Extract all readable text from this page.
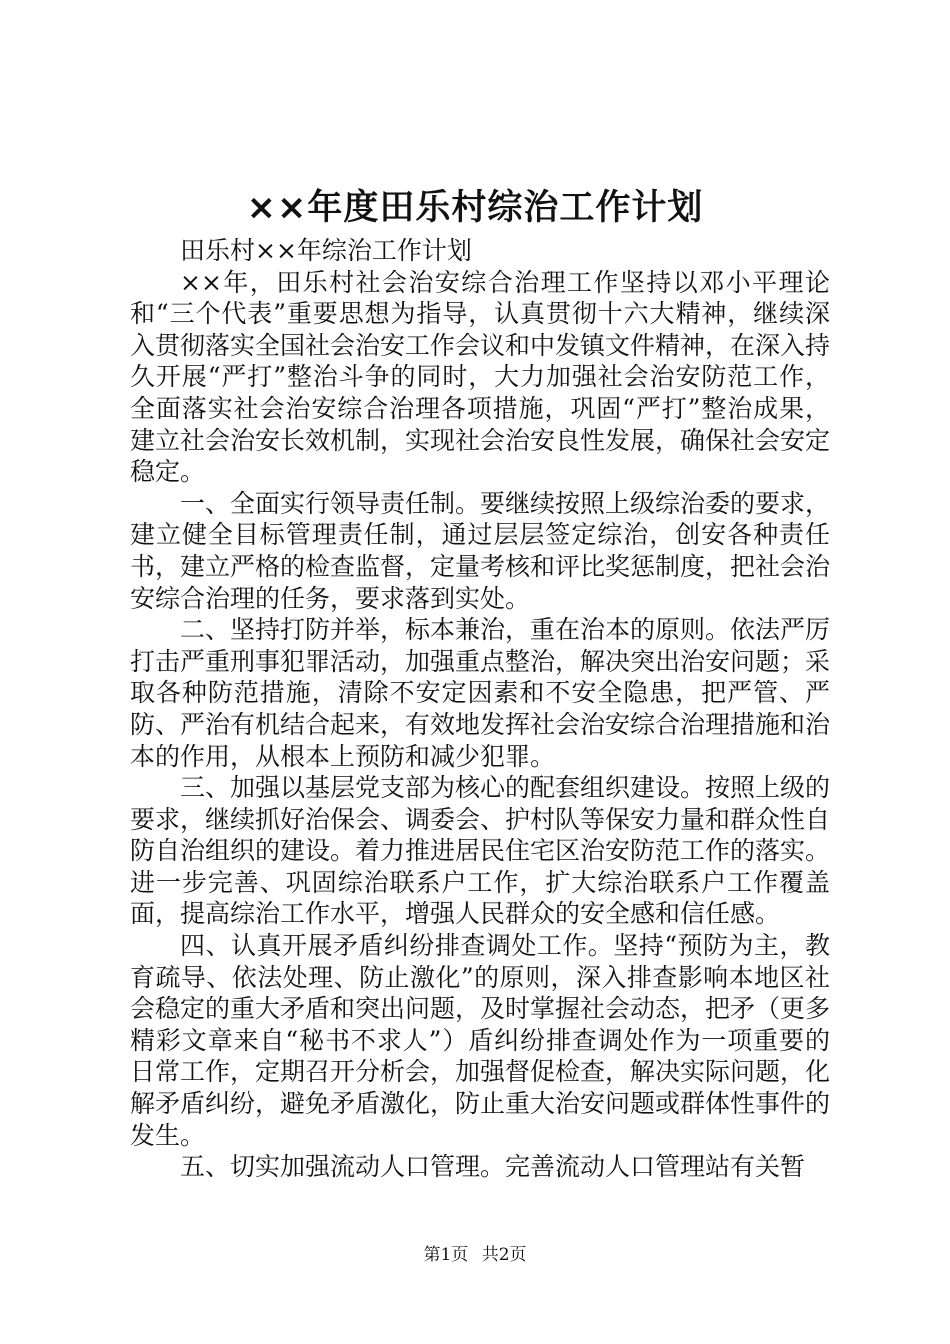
××年度田乐村综治工作计划

田乐村××年综治工作计划

××年，田乐村社会治安综合治理工作坚持以邓小平理论和“三个代表”重要思想为指导，认真贯彻十六大精神，继续深入贯彻落实全国社会治安工作会议和中发镇文件精神，在深入持久开展“严打”整治斗争的同时，大力加强社会治安防范工作，全面落实社会治安综合治理各项措施，巩固“严打”整治成果，建立社会治安长效机制，实现社会治安良性发展，确保社会安定稳定。

一、全面实行领导责任制。要继续按照上级综治委的要求，建立健全目标管理责任制，通过层层签定综治，创安各种责任书，建立严格的检查监督，定量考核和评比奖惩制度，把社会治安综合治理的任务，要求落到实处。

二、坚持打防并举，标本兼治，重在治本的原则。依法严厉打击严重刑事犯罪活动，加强重点整治，解决突出治安问题；采取各种防范措施，清除不安定因素和不安全隐患，把严管、严防、严治有机结合起来，有效地发挥社会治安综合治理措施和治本的作用，从根本上预防和减少犯罪。

三、加强以基层党支部为核心的配套组织建设。按照上级的要求，继续抓好治保会、调委会、护村队等保安力量和群众性自防自治组织的建设。着力推进居民住宅区治安防范工作的落实。进一步完善、巩固综治联系户工作，扩大综治联系户工作覆盖面，提高综治工作水平，增强人民群众的安全感和信任感。

四、认真开展矛盾纠纷排查调处工作。坚持“预防为主，教育疏导、依法处理、防止激化”的原则，深入排查影响本地区社会稳定的重大矛盾和突出问题，及时掌握社会动态，把矛（更多精彩文章来自“秘书不求人”）盾纠纷排查调处作为一项重要的日常工作，定期召开分析会，加强督促检查，解决实际问题，化解矛盾纠纷，避免矛盾激化，防止重大治安问题或群体性事件的发生。

五、切实加强流动人口管理。完善流动人口管理站有关暂

第1页 共2页
